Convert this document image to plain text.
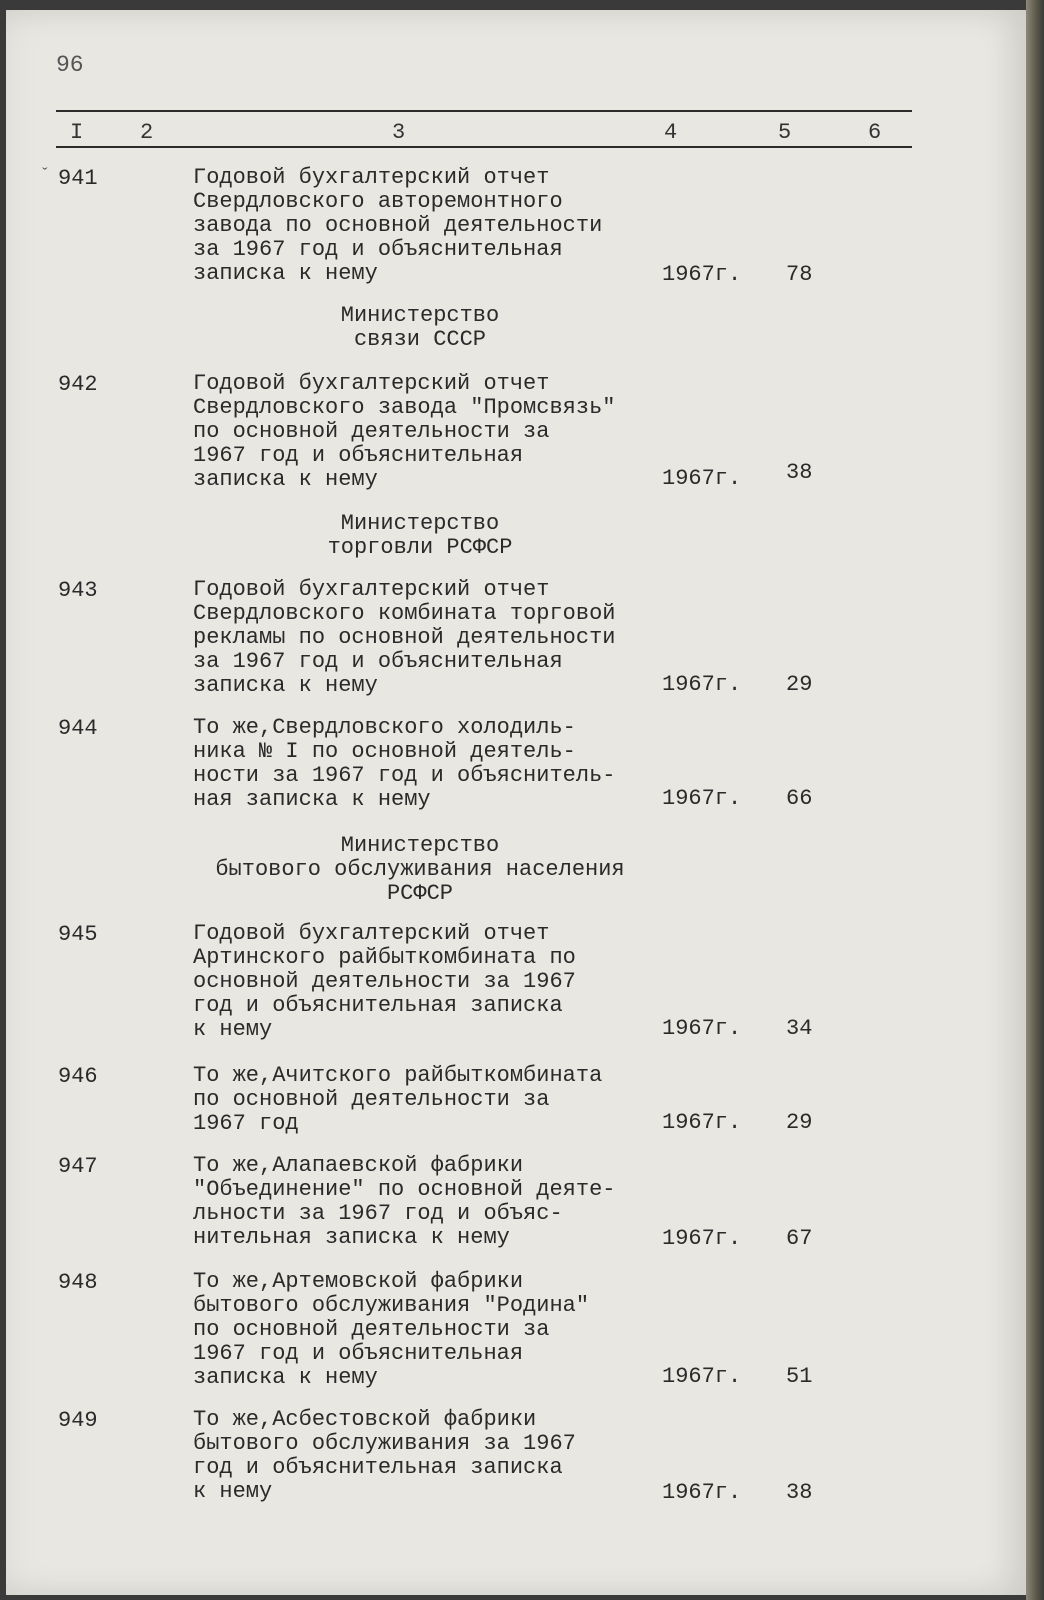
96
I	2	3	4	5	6
ˇ 941	Годовой бухгалтерский отчет
Свердловского авторемонтного
завода по основной деятельности
за 1967 год и объяснительная
записка к нему	1967г. 78
Министерство
связи СССР
942	Годовой бухгалтерский отчет
Свердловского завода "Промсвязь"
по основной деятельности за
1967 год и объяснительная
записка к нему	1967г. 38
Министерство
торговли РСФСР
943	Годовой бухгалтерский отчет
Свердловского комбината торговой
рекламы по основной деятельности
за 1967 год и объяснительная
записка к нему	1967г. 29
944	То же,Свердловского холодиль-
ника № I по основной деятель-
ности за 1967 год и объяснитель-
ная записка к нему	1967г. 66
Министерство
бытового обслуживания населения
РСФСР
945	Годовой бухгалтерский отчет
Артинского райбыткомбината по
основной деятельности за 1967
год и объяснительная записка
к нему	1967г. 34
946	То же,Ачитского райбыткомбината
по основной деятельности за
1967 год	1967г. 29
947	То же,Алапаевской фабрики
"Объединение" по основной деяте-
льности за 1967 год и объяс-
нительная записка к нему	1967г. 67
948	То же,Артемовской фабрики
бытового обслуживания "Родина"
по основной деятельности за
1967 год и объяснительная
записка к нему	1967г. 51
949	То же,Асбестовской фабрики
бытового обслуживания за 1967
год и объяснительная записка
к нему	1967г. 38
